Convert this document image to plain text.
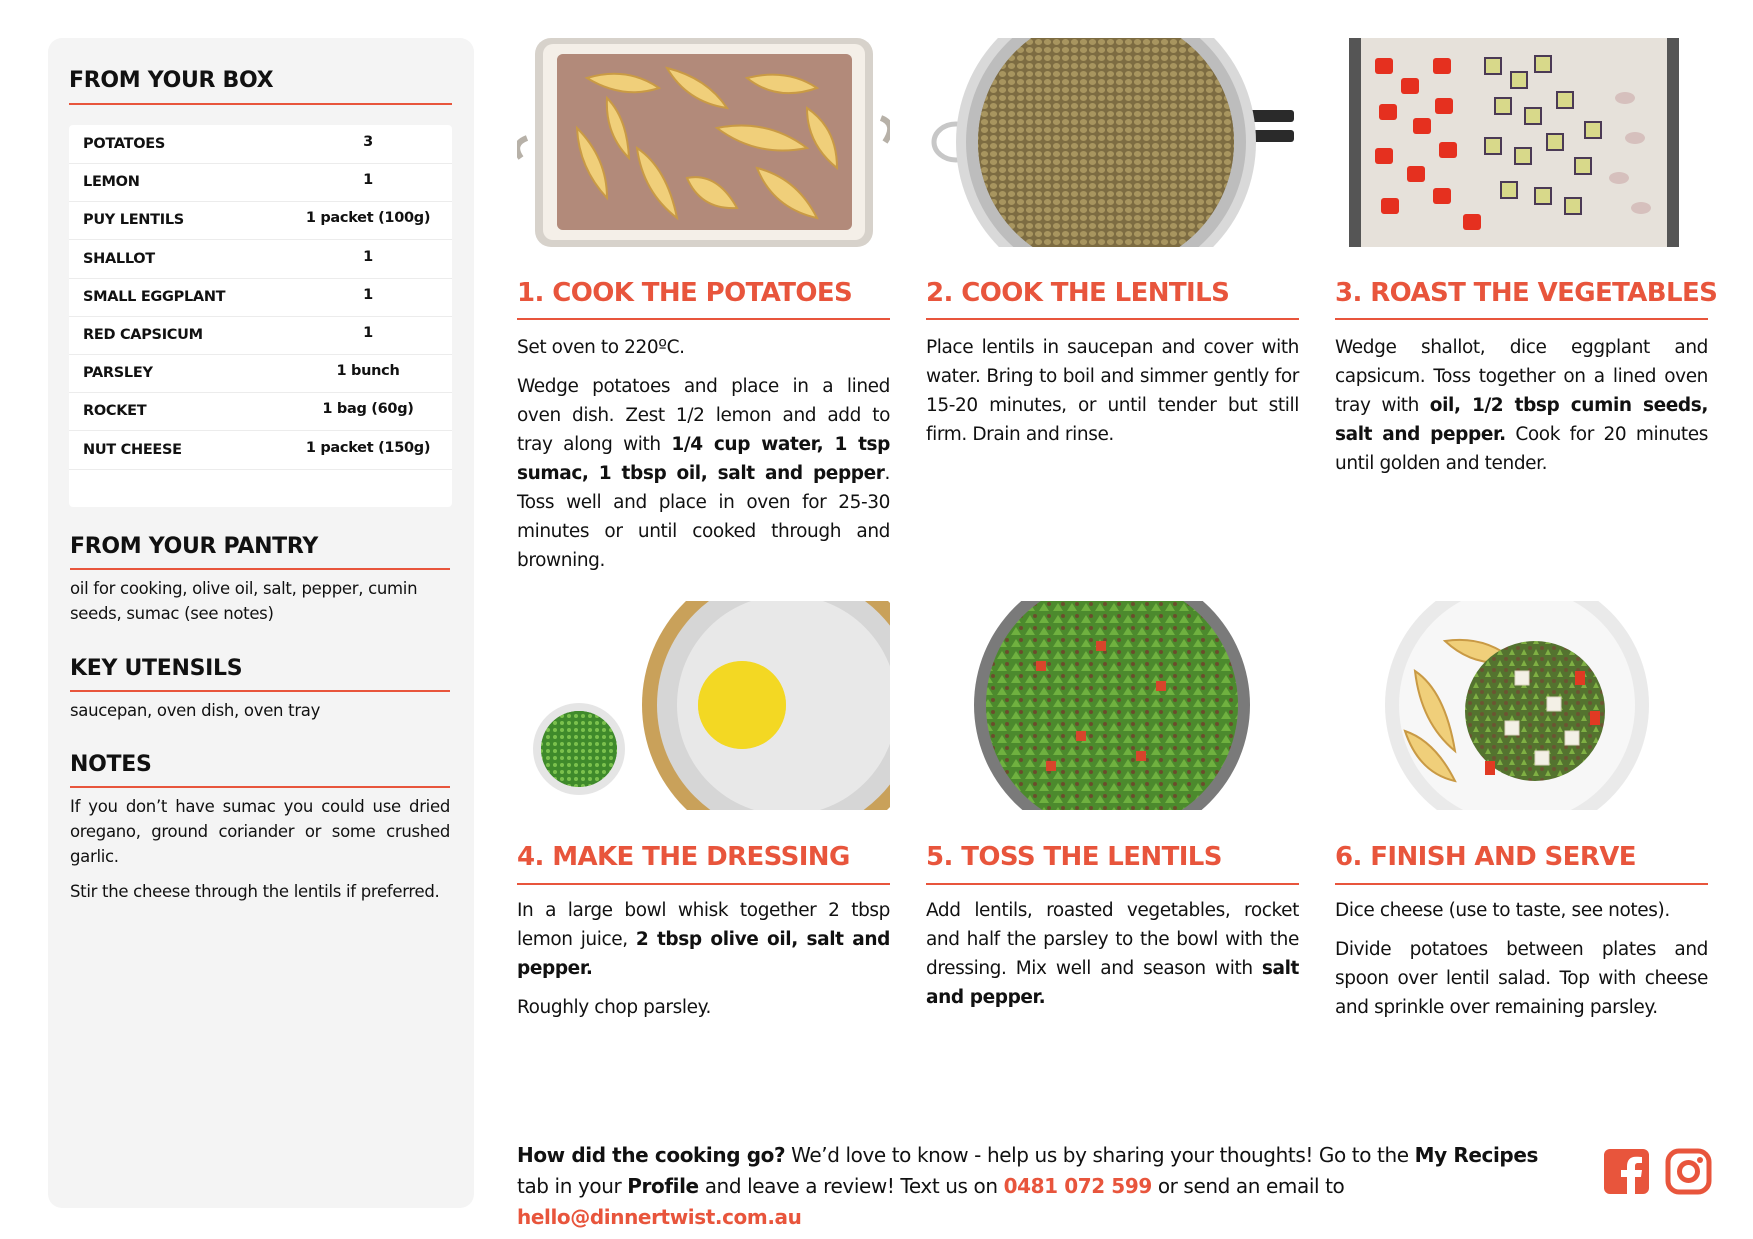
FROM YOUR BOX
POTATOES	3
LEMON	1
PUY LENTILS	1 packet (100g)
SHALLOT	1
SMALL EGGPLANT	1
RED CAPSICUM	1
PARSLEY	1 bunch
ROCKET	1 bag (60g)
NUT CHEESE	1 packet (150g)
FROM YOUR PANTRY
oil for cooking, olive oil, salt, pepper, cumin seeds, sumac (see notes)
KEY UTENSILS
saucepan, oven dish, oven tray
NOTES
If you don’t have sumac you could use dried oregano, ground coriander or some crushed garlic.
Stir the cheese through the lentils if preferred.
1. COOK THE POTATOES

Set oven to 220ºC.

Wedge potatoes and place in a lined oven dish. Zest 1/2 lemon and add to tray along with 1/4 cup water, 1 tsp sumac, 1 tbsp oil, salt and pepper. Toss well and place in oven for 25-30 minutes or until cooked through and browning.

2. COOK THE LENTILS

Place lentils in saucepan and cover with water. Bring to boil and simmer gently for 15-20 minutes, or until tender but still firm. Drain and rinse.

3. ROAST THE VEGETABLES

Wedge shallot, dice eggplant and capsicum. Toss together on a lined oven tray with oil, 1/2 tbsp cumin seeds, salt and pepper. Cook for 20 minutes until golden and tender.

4. MAKE THE DRESSING

In a large bowl whisk together 2 tbsp lemon juice, 2 tbsp olive oil, salt and pepper.

Roughly chop parsley.

5. TOSS THE LENTILS

Add lentils, roasted vegetables, rocket and half the parsley to the bowl with the dressing. Mix well and season with salt and pepper.

6. FINISH AND SERVE

Dice cheese (use to taste, see notes).

Divide potatoes between plates and spoon over lentil salad. Top with cheese and sprinkle over remaining parsley.

How did the cooking go? We’d love to know - help us by sharing your thoughts! Go to the My Recipes tab in your Profile and leave a review! Text us on 0481 072 599 or send an email to hello@dinnertwist.com.au
